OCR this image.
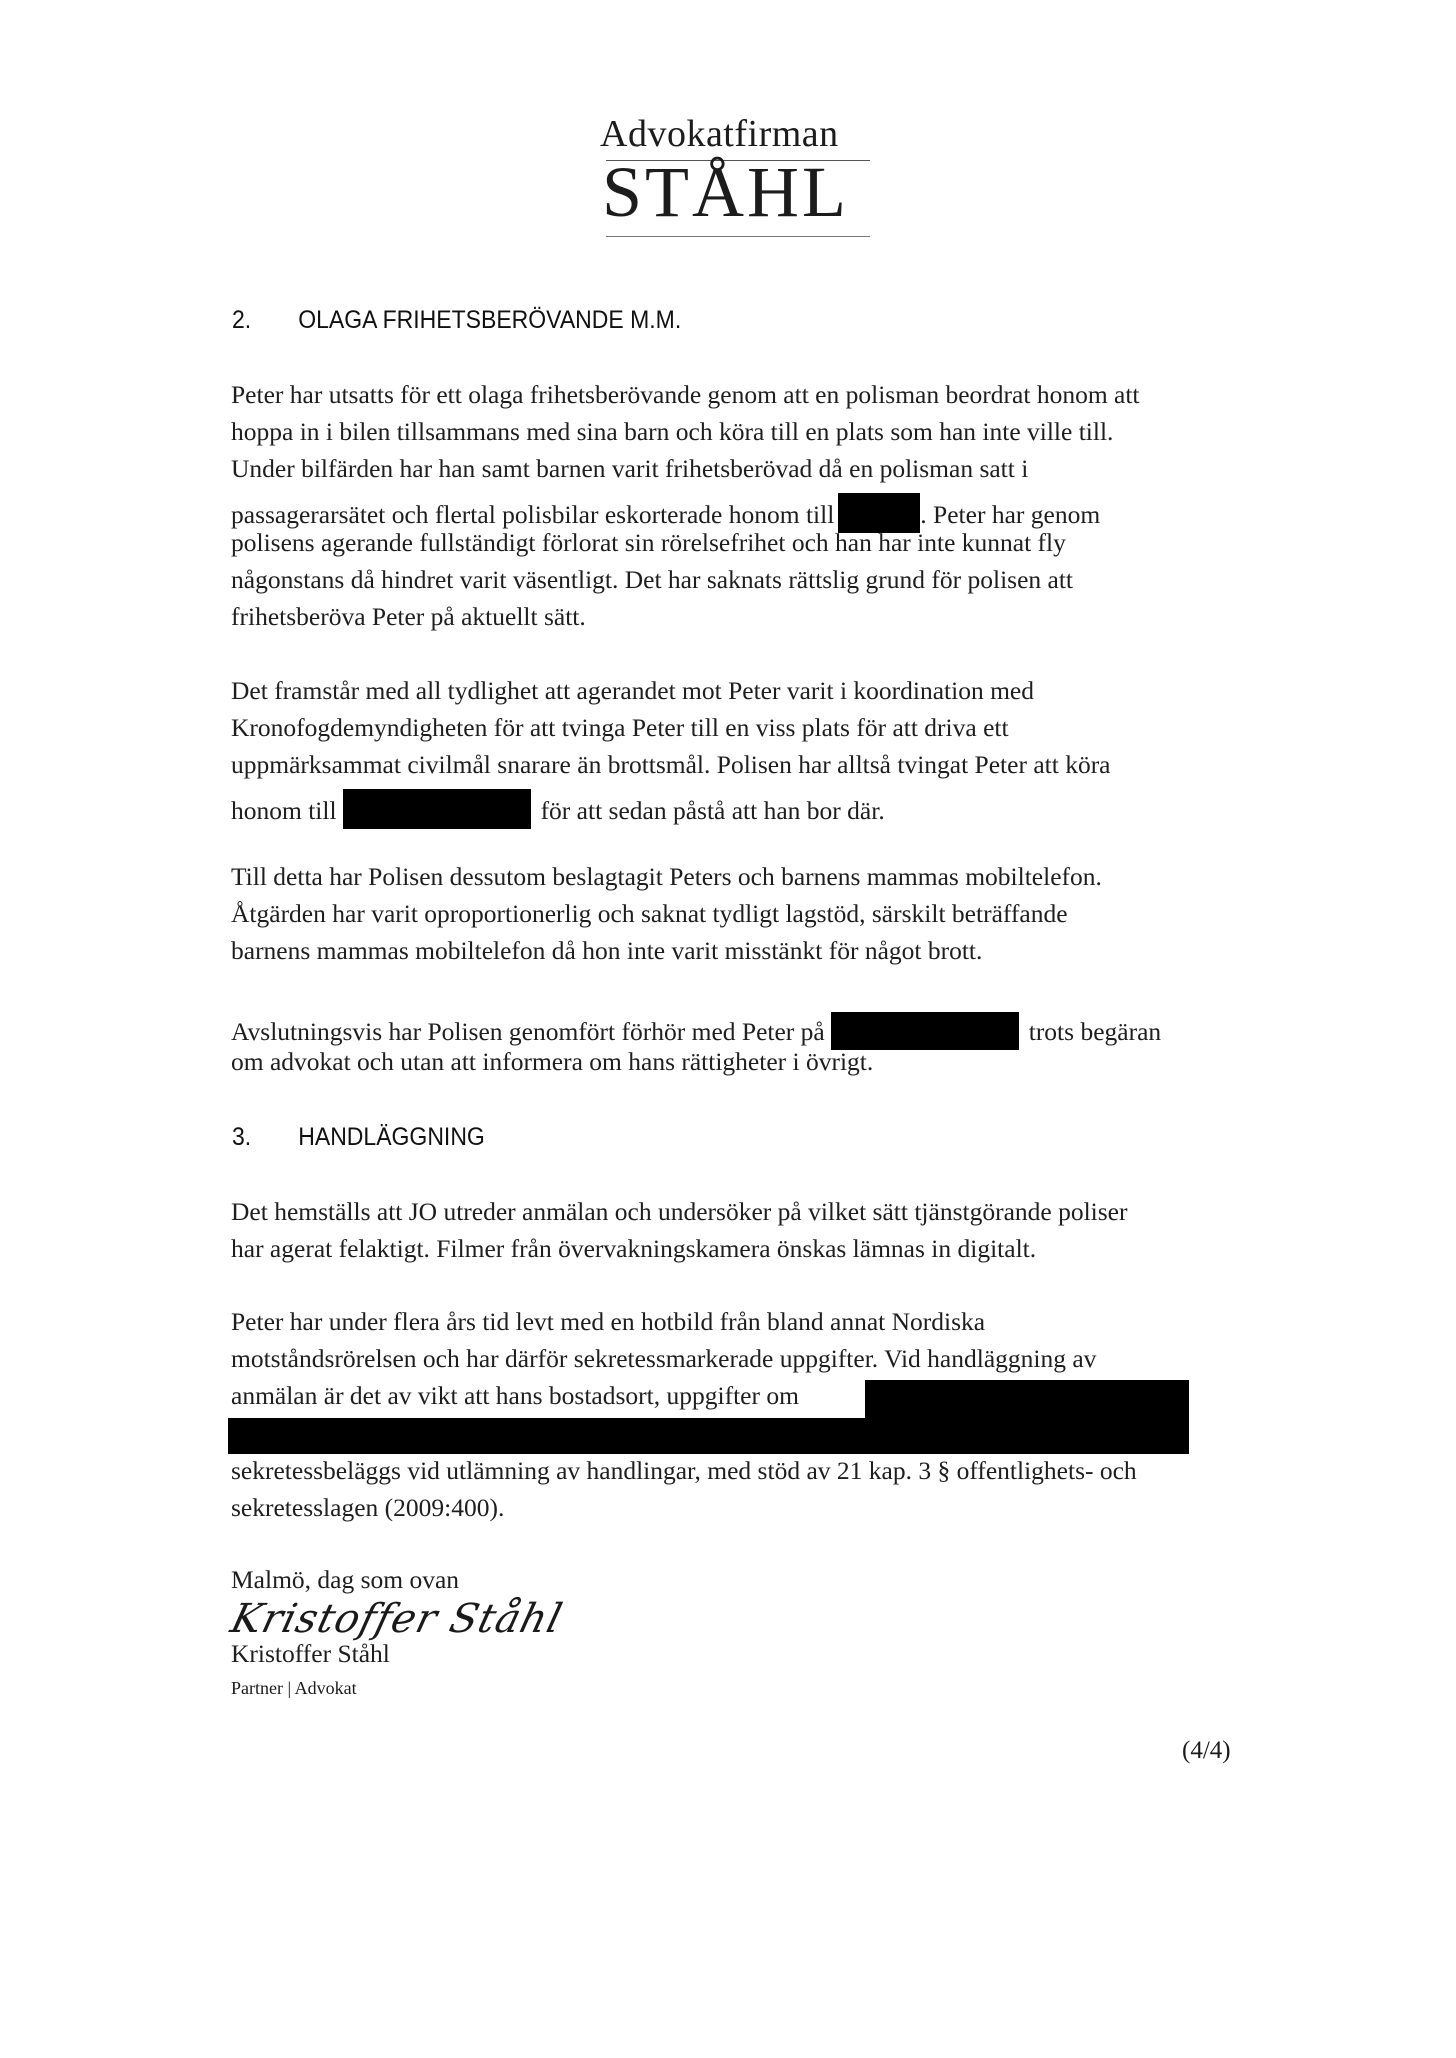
Advokatfirman
STÅHL
2. OLAGA FRIHETSBERÖVANDE M.M.
Peter har utsatts för ett olaga frihetsberövande genom att en polisman beordrat honom att
hoppa in i bilen tillsammans med sina barn och köra till en plats som han inte ville till.
Under bilfärden har han samt barnen varit frihetsberövad då en polisman satt i
passagerarsätet och flertal polisbilar eskorterade honom till	. Peter har genom
polisens agerande fullständigt förlorat sin rörelsefrihet och han har inte kunnat fly
någonstans då hindret varit väsentligt. Det har saknats rättslig grund för polisen att
frihetsberöva Peter på aktuellt sätt.
Det framstår med all tydlighet att agerandet mot Peter varit i koordination med
Kronofogdemyndigheten för att tvinga Peter till en viss plats för att driva ett
uppmärksammat civilmål snarare än brottsmål. Polisen har alltså tvingat Peter att köra
honom till	för att sedan påstå att han bor där.
Till detta har Polisen dessutom beslagtagit Peters och barnens mammas mobiltelefon.
Åtgärden har varit oproportionerlig och saknat tydligt lagstöd, särskilt beträffande
barnens mammas mobiltelefon då hon inte varit misstänkt för något brott.
Avslutningsvis har Polisen genomfört förhör med Peter på	trots begäran
om advokat och utan att informera om hans rättigheter i övrigt.
3. HANDLÄGGNING
Det hemställs att JO utreder anmälan och undersöker på vilket sätt tjänstgörande poliser
har agerat felaktigt. Filmer från övervakningskamera önskas lämnas in digitalt.
Peter har under flera års tid levt med en hotbild från bland annat Nordiska
motståndsrörelsen och har därför sekretessmarkerade uppgifter. Vid handläggning av
anmälan är det av vikt att hans bostadsort, uppgifter om
sekretessbeläggs vid utlämning av handlingar, med stöd av 21 kap. 3 § offentlighets- och
sekretesslagen (2009:400).
Malmö, dag som ovan
Kristoffer Ståhl
Kristoffer Ståhl
Partner | Advokat
(4/4)
